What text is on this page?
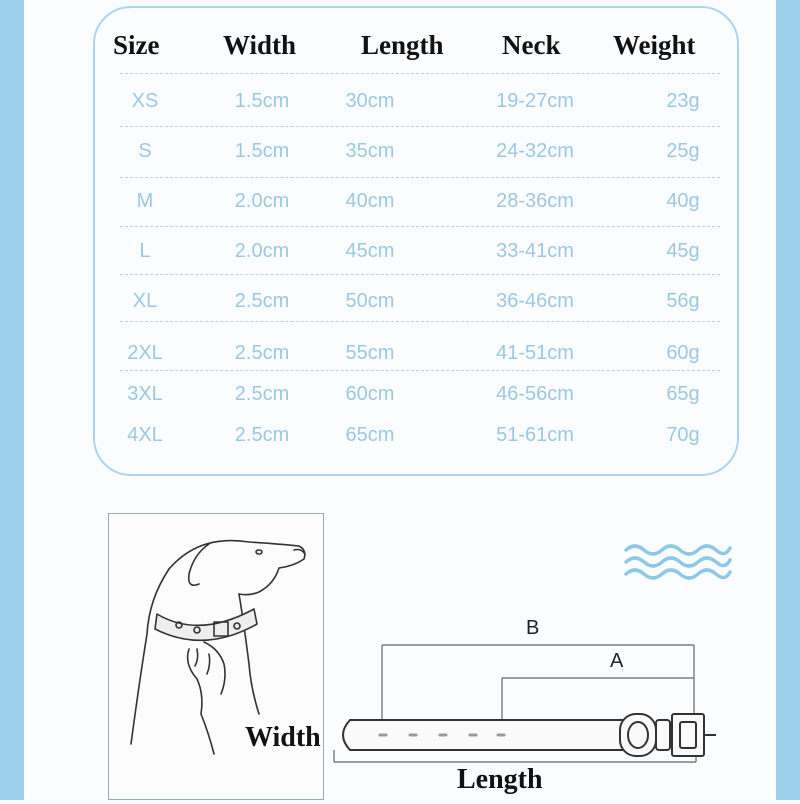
Size Width Length Neck Weight
XS	1.5cm	30cm	19-27cm	23g
S	1.5cm	35cm	24-32cm	25g
M	2.0cm	40cm	28-36cm	40g
L	2.0cm	45cm	33-41cm	45g
XL	2.5cm	50cm	36-46cm	56g
2XL	2.5cm	55cm	41-51cm	60g
3XL	2.5cm	60cm	46-56cm	65g
4XL	2.5cm	65cm	51-61cm	70g
B
A
Width
Length
